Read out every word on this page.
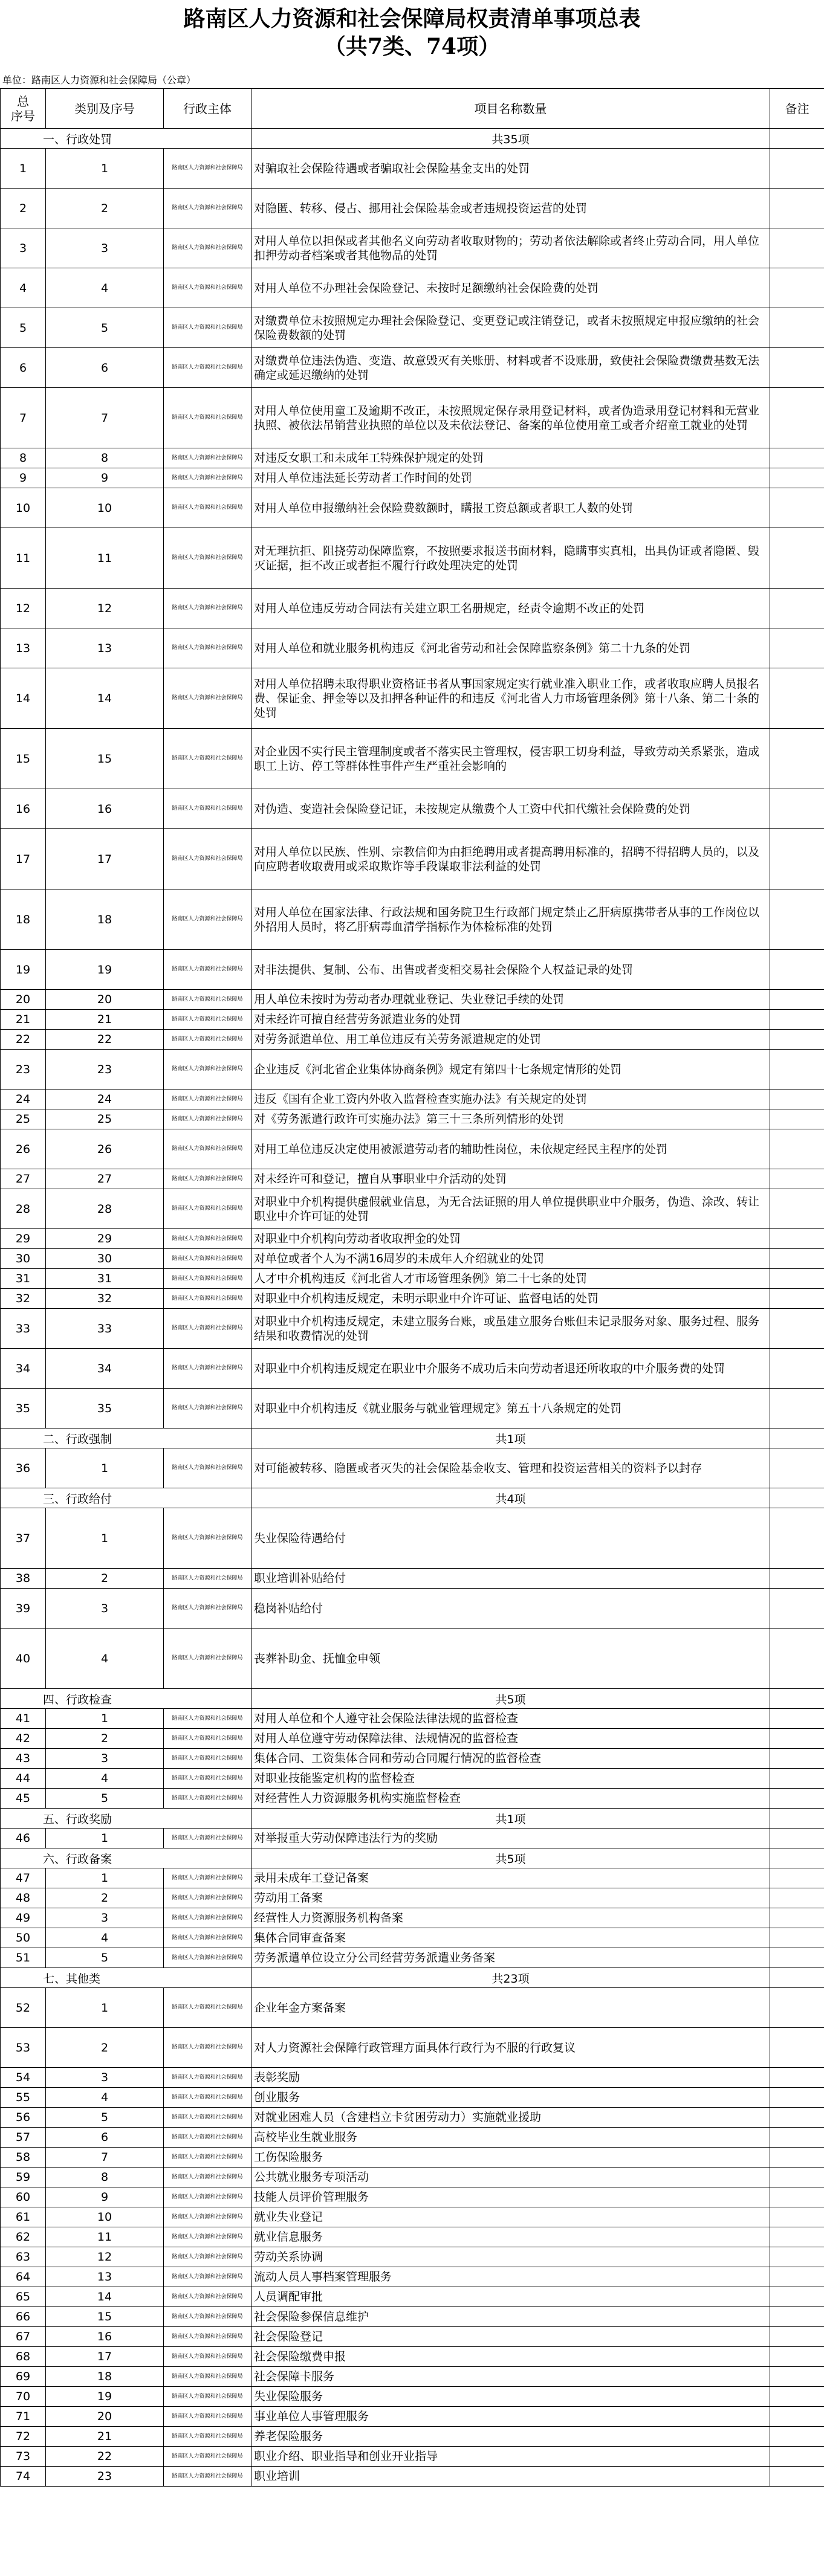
路南区人力资源和社会保障局权责清单事项总表
（共7类、74项）
单位：路南区人力资源和社会保障局（公章）
总
序号	类别及序号	行政主体	项目名称数量	备注
一、行政处罚			共35项	
1	1	路南区人力资源和社会保障局	对骗取社会保险待遇或者骗取社会保险基金支出的处罚	
2	2	路南区人力资源和社会保障局	对隐匿、转移、侵占、挪用社会保险基金或者违规投资运营的处罚	
3	3	路南区人力资源和社会保障局	对用人单位以担保或者其他名义向劳动者收取财物的；劳动者依法解除或者终止劳动合同，用人单位扣押劳动者档案或者其他物品的处罚	
4	4	路南区人力资源和社会保障局	对用人单位不办理社会保险登记、未按时足额缴纳社会保险费的处罚	
5	5	路南区人力资源和社会保障局	对缴费单位未按照规定办理社会保险登记、变更登记或注销登记，或者未按照规定申报应缴纳的社会保险费数额的处罚	
6	6	路南区人力资源和社会保障局	对缴费单位违法伪造、变造、故意毁灭有关账册、材料或者不设账册，致使社会保险费缴费基数无法确定或延迟缴纳的处罚	
7	7	路南区人力资源和社会保障局	对用人单位使用童工及逾期不改正，未按照规定保存录用登记材料，或者伪造录用登记材料和无营业执照、被依法吊销营业执照的单位以及未依法登记、备案的单位使用童工或者介绍童工就业的处罚	
8	8	路南区人力资源和社会保障局	对违反女职工和未成年工特殊保护规定的处罚	
9	9	路南区人力资源和社会保障局	对用人单位违法延长劳动者工作时间的处罚	
10	10	路南区人力资源和社会保障局	对用人单位申报缴纳社会保险费数额时，瞒报工资总额或者职工人数的处罚	
11	11	路南区人力资源和社会保障局	对无理抗拒、阻挠劳动保障监察，不按照要求报送书面材料，隐瞒事实真相，出具伪证或者隐匿、毁灭证据，拒不改正或者拒不履行行政处理决定的处罚	
12	12	路南区人力资源和社会保障局	对用人单位违反劳动合同法有关建立职工名册规定，经责令逾期不改正的处罚	
13	13	路南区人力资源和社会保障局	对用人单位和就业服务机构违反《河北省劳动和社会保障监察条例》第二十九条的处罚	
14	14	路南区人力资源和社会保障局	对用人单位招聘未取得职业资格证书者从事国家规定实行就业准入职业工作，或者收取应聘人员报名费、保证金、押金等以及扣押各种证件的和违反《河北省人力市场管理条例》第十八条、第二十条的处罚	
15	15	路南区人力资源和社会保障局	对企业因不实行民主管理制度或者不落实民主管理权，侵害职工切身利益，导致劳动关系紧张，造成职工上访、停工等群体性事件产生严重社会影响的	
16	16	路南区人力资源和社会保障局	对伪造、变造社会保险登记证，未按规定从缴费个人工资中代扣代缴社会保险费的处罚	
17	17	路南区人力资源和社会保障局	对用人单位以民族、性别、宗教信仰为由拒绝聘用或者提高聘用标准的，招聘不得招聘人员的，以及向应聘者收取费用或采取欺诈等手段谋取非法利益的处罚	
18	18	路南区人力资源和社会保障局	对用人单位在国家法律、行政法规和国务院卫生行政部门规定禁止乙肝病原携带者从事的工作岗位以外招用人员时，将乙肝病毒血清学指标作为体检标准的处罚	
19	19	路南区人力资源和社会保障局	对非法提供、复制、公布、出售或者变相交易社会保险个人权益记录的处罚	
20	20	路南区人力资源和社会保障局	用人单位未按时为劳动者办理就业登记、失业登记手续的处罚	
21	21	路南区人力资源和社会保障局	对未经许可擅自经营劳务派遣业务的处罚	
22	22	路南区人力资源和社会保障局	对劳务派遣单位、用工单位违反有关劳务派遣规定的处罚	
23	23	路南区人力资源和社会保障局	企业违反《河北省企业集体协商条例》规定有第四十七条规定情形的处罚	
24	24	路南区人力资源和社会保障局	违反《国有企业工资内外收入监督检查实施办法》有关规定的处罚	
25	25	路南区人力资源和社会保障局	对《劳务派遣行政许可实施办法》第三十三条所列情形的处罚	
26	26	路南区人力资源和社会保障局	对用工单位违反决定使用被派遣劳动者的辅助性岗位，未依规定经民主程序的处罚	
27	27	路南区人力资源和社会保障局	对未经许可和登记，擅自从事职业中介活动的处罚	
28	28	路南区人力资源和社会保障局	对职业中介机构提供虚假就业信息，为无合法证照的用人单位提供职业中介服务，伪造、涂改、转让职业中介许可证的处罚	
29	29	路南区人力资源和社会保障局	对职业中介机构向劳动者收取押金的处罚	
30	30	路南区人力资源和社会保障局	对单位或者个人为不满16周岁的未成年人介绍就业的处罚	
31	31	路南区人力资源和社会保障局	人才中介机构违反《河北省人才市场管理条例》第二十七条的处罚	
32	32	路南区人力资源和社会保障局	对职业中介机构违反规定，未明示职业中介许可证、监督电话的处罚	
33	33	路南区人力资源和社会保障局	对职业中介机构违反规定，未建立服务台账，或虽建立服务台账但未记录服务对象、服务过程、服务结果和收费情况的处罚	
34	34	路南区人力资源和社会保障局	对职业中介机构违反规定在职业中介服务不成功后未向劳动者退还所收取的中介服务费的处罚	
35	35	路南区人力资源和社会保障局	对职业中介机构违反《就业服务与就业管理规定》第五十八条规定的处罚	
二、行政强制			共1项	
36	1	路南区人力资源和社会保障局	对可能被转移、隐匿或者灭失的社会保险基金收支、管理和投资运营相关的资料予以封存	
三、行政给付			共4项	
37	1	路南区人力资源和社会保障局	失业保险待遇给付	
38	2	路南区人力资源和社会保障局	职业培训补贴给付	
39	3	路南区人力资源和社会保障局	稳岗补贴给付	
40	4	路南区人力资源和社会保障局	丧葬补助金、抚恤金申领	
四、行政检查			共5项	
41	1	路南区人力资源和社会保障局	对用人单位和个人遵守社会保险法律法规的监督检查	
42	2	路南区人力资源和社会保障局	对用人单位遵守劳动保障法律、法规情况的监督检查	
43	3	路南区人力资源和社会保障局	集体合同、工资集体合同和劳动合同履行情况的监督检查	
44	4	路南区人力资源和社会保障局	对职业技能鉴定机构的监督检查	
45	5	路南区人力资源和社会保障局	对经营性人力资源服务机构实施监督检查	
五、行政奖励			共1项	
46	1	路南区人力资源和社会保障局	对举报重大劳动保障违法行为的奖励	
六、行政备案			共5项	
47	1	路南区人力资源和社会保障局	录用未成年工登记备案	
48	2	路南区人力资源和社会保障局	劳动用工备案	
49	3	路南区人力资源和社会保障局	经营性人力资源服务机构备案	
50	4	路南区人力资源和社会保障局	集体合同审查备案	
51	5	路南区人力资源和社会保障局	劳务派遣单位设立分公司经营劳务派遣业务备案	
七、其他类			共23项	
52	1	路南区人力资源和社会保障局	企业年金方案备案	
53	2	路南区人力资源和社会保障局	对人力资源社会保障行政管理方面具体行政行为不服的行政复议	
54	3	路南区人力资源和社会保障局	表彰奖励	
55	4	路南区人力资源和社会保障局	创业服务	
56	5	路南区人力资源和社会保障局	对就业困难人员（含建档立卡贫困劳动力）实施就业援助	
57	6	路南区人力资源和社会保障局	高校毕业生就业服务	
58	7	路南区人力资源和社会保障局	工伤保险服务	
59	8	路南区人力资源和社会保障局	公共就业服务专项活动	
60	9	路南区人力资源和社会保障局	技能人员评价管理服务	
61	10	路南区人力资源和社会保障局	就业失业登记	
62	11	路南区人力资源和社会保障局	就业信息服务	
63	12	路南区人力资源和社会保障局	劳动关系协调	
64	13	路南区人力资源和社会保障局	流动人员人事档案管理服务	
65	14	路南区人力资源和社会保障局	人员调配审批	
66	15	路南区人力资源和社会保障局	社会保险参保信息维护	
67	16	路南区人力资源和社会保障局	社会保险登记	
68	17	路南区人力资源和社会保障局	社会保险缴费申报	
69	18	路南区人力资源和社会保障局	社会保障卡服务	
70	19	路南区人力资源和社会保障局	失业保险服务	
71	20	路南区人力资源和社会保障局	事业单位人事管理服务	
72	21	路南区人力资源和社会保障局	养老保险服务	
73	22	路南区人力资源和社会保障局	职业介绍、职业指导和创业开业指导	
74	23	路南区人力资源和社会保障局	职业培训	
